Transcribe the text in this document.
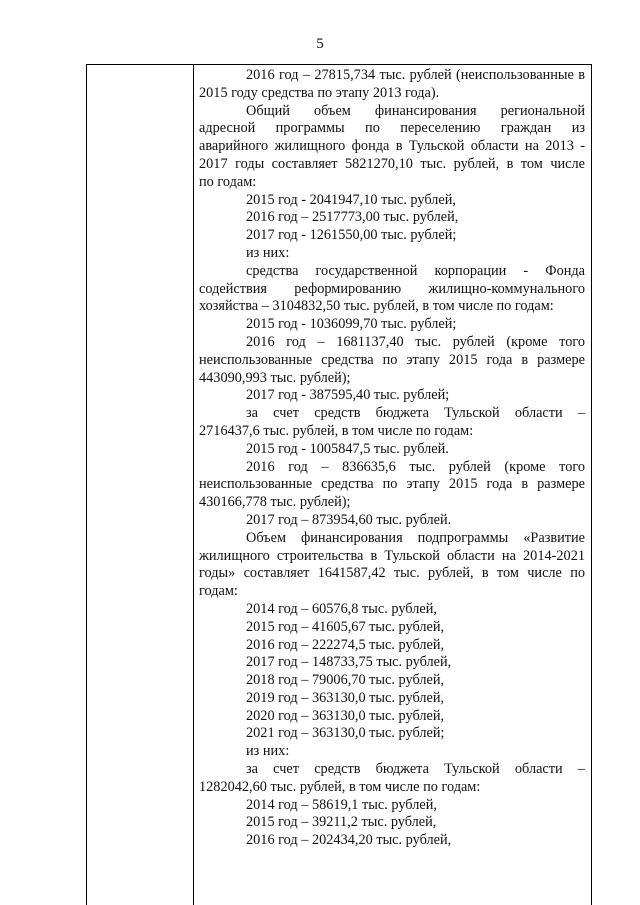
5
2016 год – 27815,734 тыс. рублей (неиспользованные в
2015 году средства по этапу 2013 года).
Общий объем финансирования региональной
адресной программы по переселению граждан из
аварийного жилищного фонда в Тульской области на 2013 -
2017 годы составляет 5821270,10 тыс. рублей, в том числе
по годам:
2015 год - 2041947,10 тыс. рублей,
2016 год – 2517773,00 тыс. рублей,
2017 год - 1261550,00 тыс. рублей;
из них:
средства государственной корпорации - Фонда
содействия реформированию жилищно-коммунального
хозяйства – 3104832,50 тыс. рублей, в том числе по годам:
2015 год - 1036099,70 тыс. рублей;
2016 год – 1681137,40 тыс. рублей (кроме того
неиспользованные средства по этапу 2015 года в размере
443090,993 тыс. рублей);
2017 год - 387595,40 тыс. рублей;
за счет средств бюджета Тульской области –
2716437,6 тыс. рублей, в том числе по годам:
2015 год - 1005847,5 тыс. рублей.
2016 год – 836635,6 тыс. рублей (кроме того
неиспользованные средства по этапу 2015 года в размере
430166,778 тыс. рублей);
2017 год – 873954,60 тыс. рублей.
Объем финансирования подпрограммы «Развитие
жилищного строительства в Тульской области на 2014-2021
годы» составляет 1641587,42 тыс. рублей, в том числе по
годам:
2014 год – 60576,8 тыс. рублей,
2015 год – 41605,67 тыс. рублей,
2016 год – 222274,5 тыс. рублей,
2017 год – 148733,75 тыс. рублей,
2018 год – 79006,70 тыс. рублей,
2019 год – 363130,0 тыс. рублей,
2020 год – 363130,0 тыс. рублей,
2021 год – 363130,0 тыс. рублей;
из них:
за счет средств бюджета Тульской области –
1282042,60 тыс. рублей, в том числе по годам:
2014 год – 58619,1 тыс. рублей,
2015 год – 39211,2 тыс. рублей,
2016 год – 202434,20 тыс. рублей,
